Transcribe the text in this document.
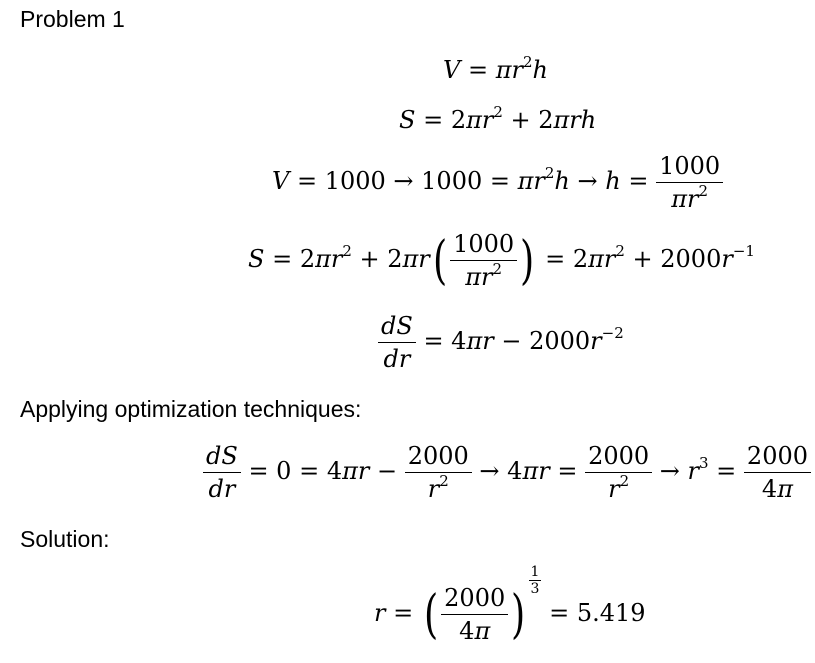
Problem 1
$V = \pi r^2h$
$S = 2\pi r^2 + 2\pi rh$
$V = 1000 \to 1000 = \pi r^2h \to h = \frac{1000}{\pi r^2}$
$S = 2\pi r^2 + 2\pi r( \frac{1000}{\pi r^2}$ ) = $2\pi r^2 + 2000r^{-1}$
$\frac{dS}{dr} = 4\pi r - 2000r^{-2}$
Applying optimization techniques:
$\frac{dS}{dr} = 0 = 4\pi r - \frac{2000}{r^2} \to 4\pi r = \frac{2000}{r^2} \to r^3 = \frac{2000}{4\pi}$
Solution:
r = ( $\frac{2000}{4\pi}$ )
$\frac{1}{3}$
= 5.419
